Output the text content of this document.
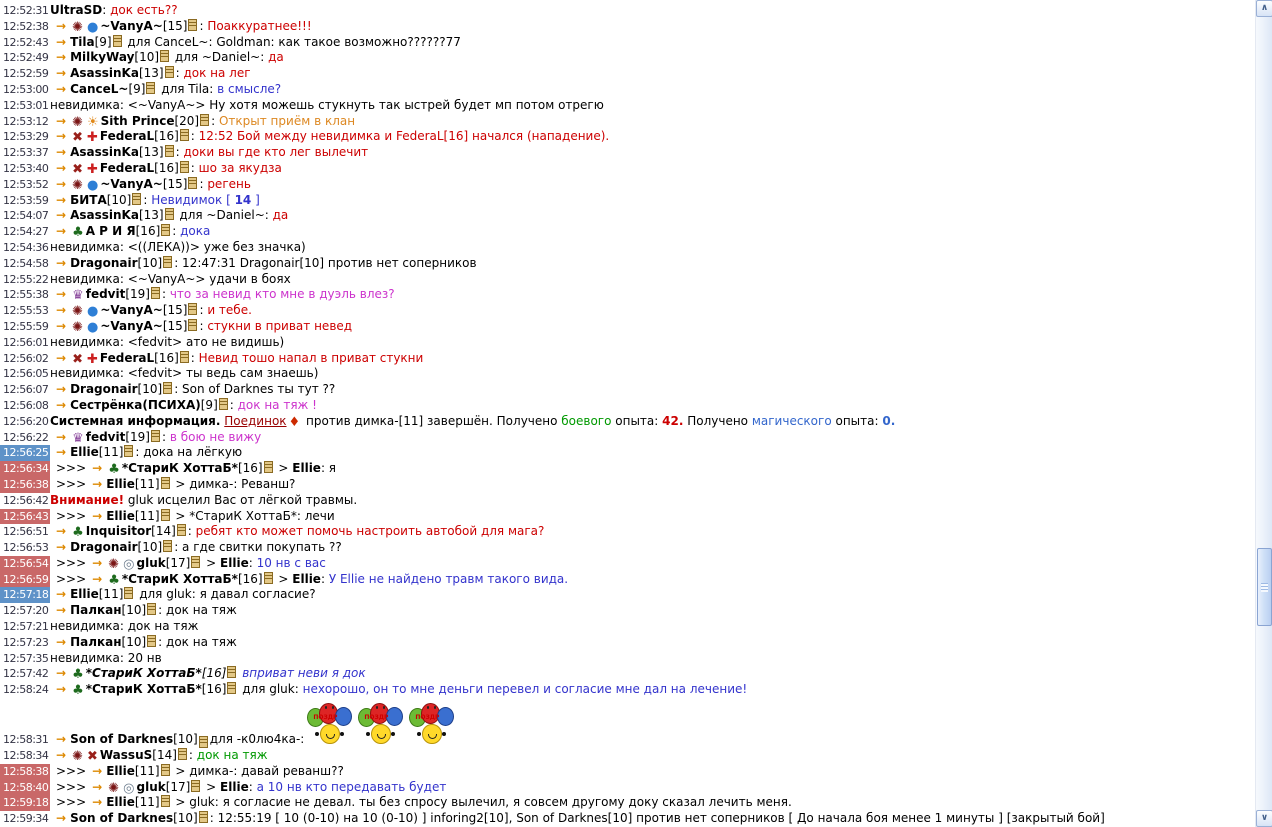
12:52:31 UltraSD: док есть??
12:52:38 → ✺ ● ~VanyA~[15] : Поаккуратнее!!!
12:52:43 → Tila[9] для CanceL~: Goldman: как такое возможно??????77
12:52:49 → MilkyWay[10] для ~Daniel~: да
12:52:59 → AsassinKa[13] : док на лег
12:53:00 → CanceL~[9] для Tila: в смысле?
12:53:01 невидимка: <~VanyA~> Ну хотя можешь стукнуть так ыстрей будет мп потом отрегю
12:53:12 → ✺ ☀ Sith Prince[20] : Открыт приём в клан
12:53:29 → ✖ ✚ FederaL[16] : 12:52 Бой между невидимка и FederaL[16] начался (нападение).
12:53:37 → AsassinKa[13] : доки вы где кто лег вылечит
12:53:40 → ✖ ✚ FederaL[16] : шо за якудза
12:53:52 → ✺ ● ~VanyA~[15] : регень
12:53:59 → БИТА[10] : Невидимок [ 14 ]
12:54:07 → AsassinKa[13] для ~Daniel~: да
12:54:27 → ♣ А Р И Я[16] : дока
12:54:36 невидимка: <((ЛЕКА))> уже без значка)
12:54:58 → Dragonair[10] : 12:47:31 Dragonair[10] против нет соперников
12:55:22 невидимка: <~VanyA~> удачи в боях
12:55:38 → ♛ fedvit[19] : что за невид кто мне в дуэль влез?
12:55:53 → ✺ ● ~VanyA~[15] : и тебе.
12:55:59 → ✺ ● ~VanyA~[15] : стукни в приват невед
12:56:01 невидимка: <fedvit> ато не видишь)
12:56:02 → ✖ ✚ FederaL[16] : Невид тошо напал в приват стукни
12:56:05 невидимка: <fedvit> ты ведь сам знаешь)
12:56:07 → Dragonair[10] : Son of Darknes ты тут ??
12:56:08 → Сестрёнка(ПСИХА)[9] : док на тяж !
12:56:20 Системная информация. Поединок ♦ против димка-[11] завершён. Получено боевого опыта: 42. Получено магического опыта: 0.
12:56:22 → ♛ fedvit[19] : в бою не вижу
12:56:25 → Ellie[11] : дока на лёгкую
12:56:34 >>> → ♣ *СтариК ХоттаБ*[16] > Ellie: я
12:56:38 >>> → Ellie[11] > димка-: Реванш?
12:56:42 Внимание! gluk исцелил Вас от лёгкой травмы.
12:56:43 >>> → Ellie[11] > *СтариК ХоттаБ*: лечи
12:56:51 → ♣ Inquisitor[14] : ребят кто может помочь настроить автобой для мага?
12:56:53 → Dragonair[10] : а где свитки покупать ??
12:56:54 >>> → ✺ ◎ gluk[17] > Ellie: 10 нв с вас
12:56:59 >>> → ♣ *СтариК ХоттаБ*[16] > Ellie: У Ellie не найдено травм такого вида.
12:57:18 → Ellie[11] для gluk: я давал согласие?
12:57:20 → Палкан[10] : док на тяж
12:57:21 невидимка: док на тяж
12:57:23 → Палкан[10] : док на тяж
12:57:35 невидимка: 20 нв
12:57:42 → ♣ *СтариК ХоттаБ*[16] вприват неви я док
12:58:24 → ♣ *СтариК ХоттаБ*[16] для gluk: нехорошо, он то мне деньги перевел и согласие мне дал на лечение!
12:58:31 → Son of Darknes [10] для -к0лю4ка-:
ПОЗДР	ПОЗДР	ПОЗДР
12:58:34 → ✺ ✖ WassuS[14] : док на тяж
12:58:38 >>> → Ellie[11] > димка-: давай реванш??
12:58:40 >>> → ✺ ◎ gluk[17] > Ellie: а 10 нв кто передавать будет
12:59:18 >>> → Ellie[11] > gluk: я согласие не девал. ты без спросу вылечил, я совсем другому доку сказал лечить меня.
12:59:34 → Son of Darknes[10] : 12:55:19 [ 10 (0-10) на 10 (0-10) ] inforing2[10], Son of Darknes[10] против нет соперников [ До начала боя менее 1 минуты ] [закрытый бой]
∧
∨
